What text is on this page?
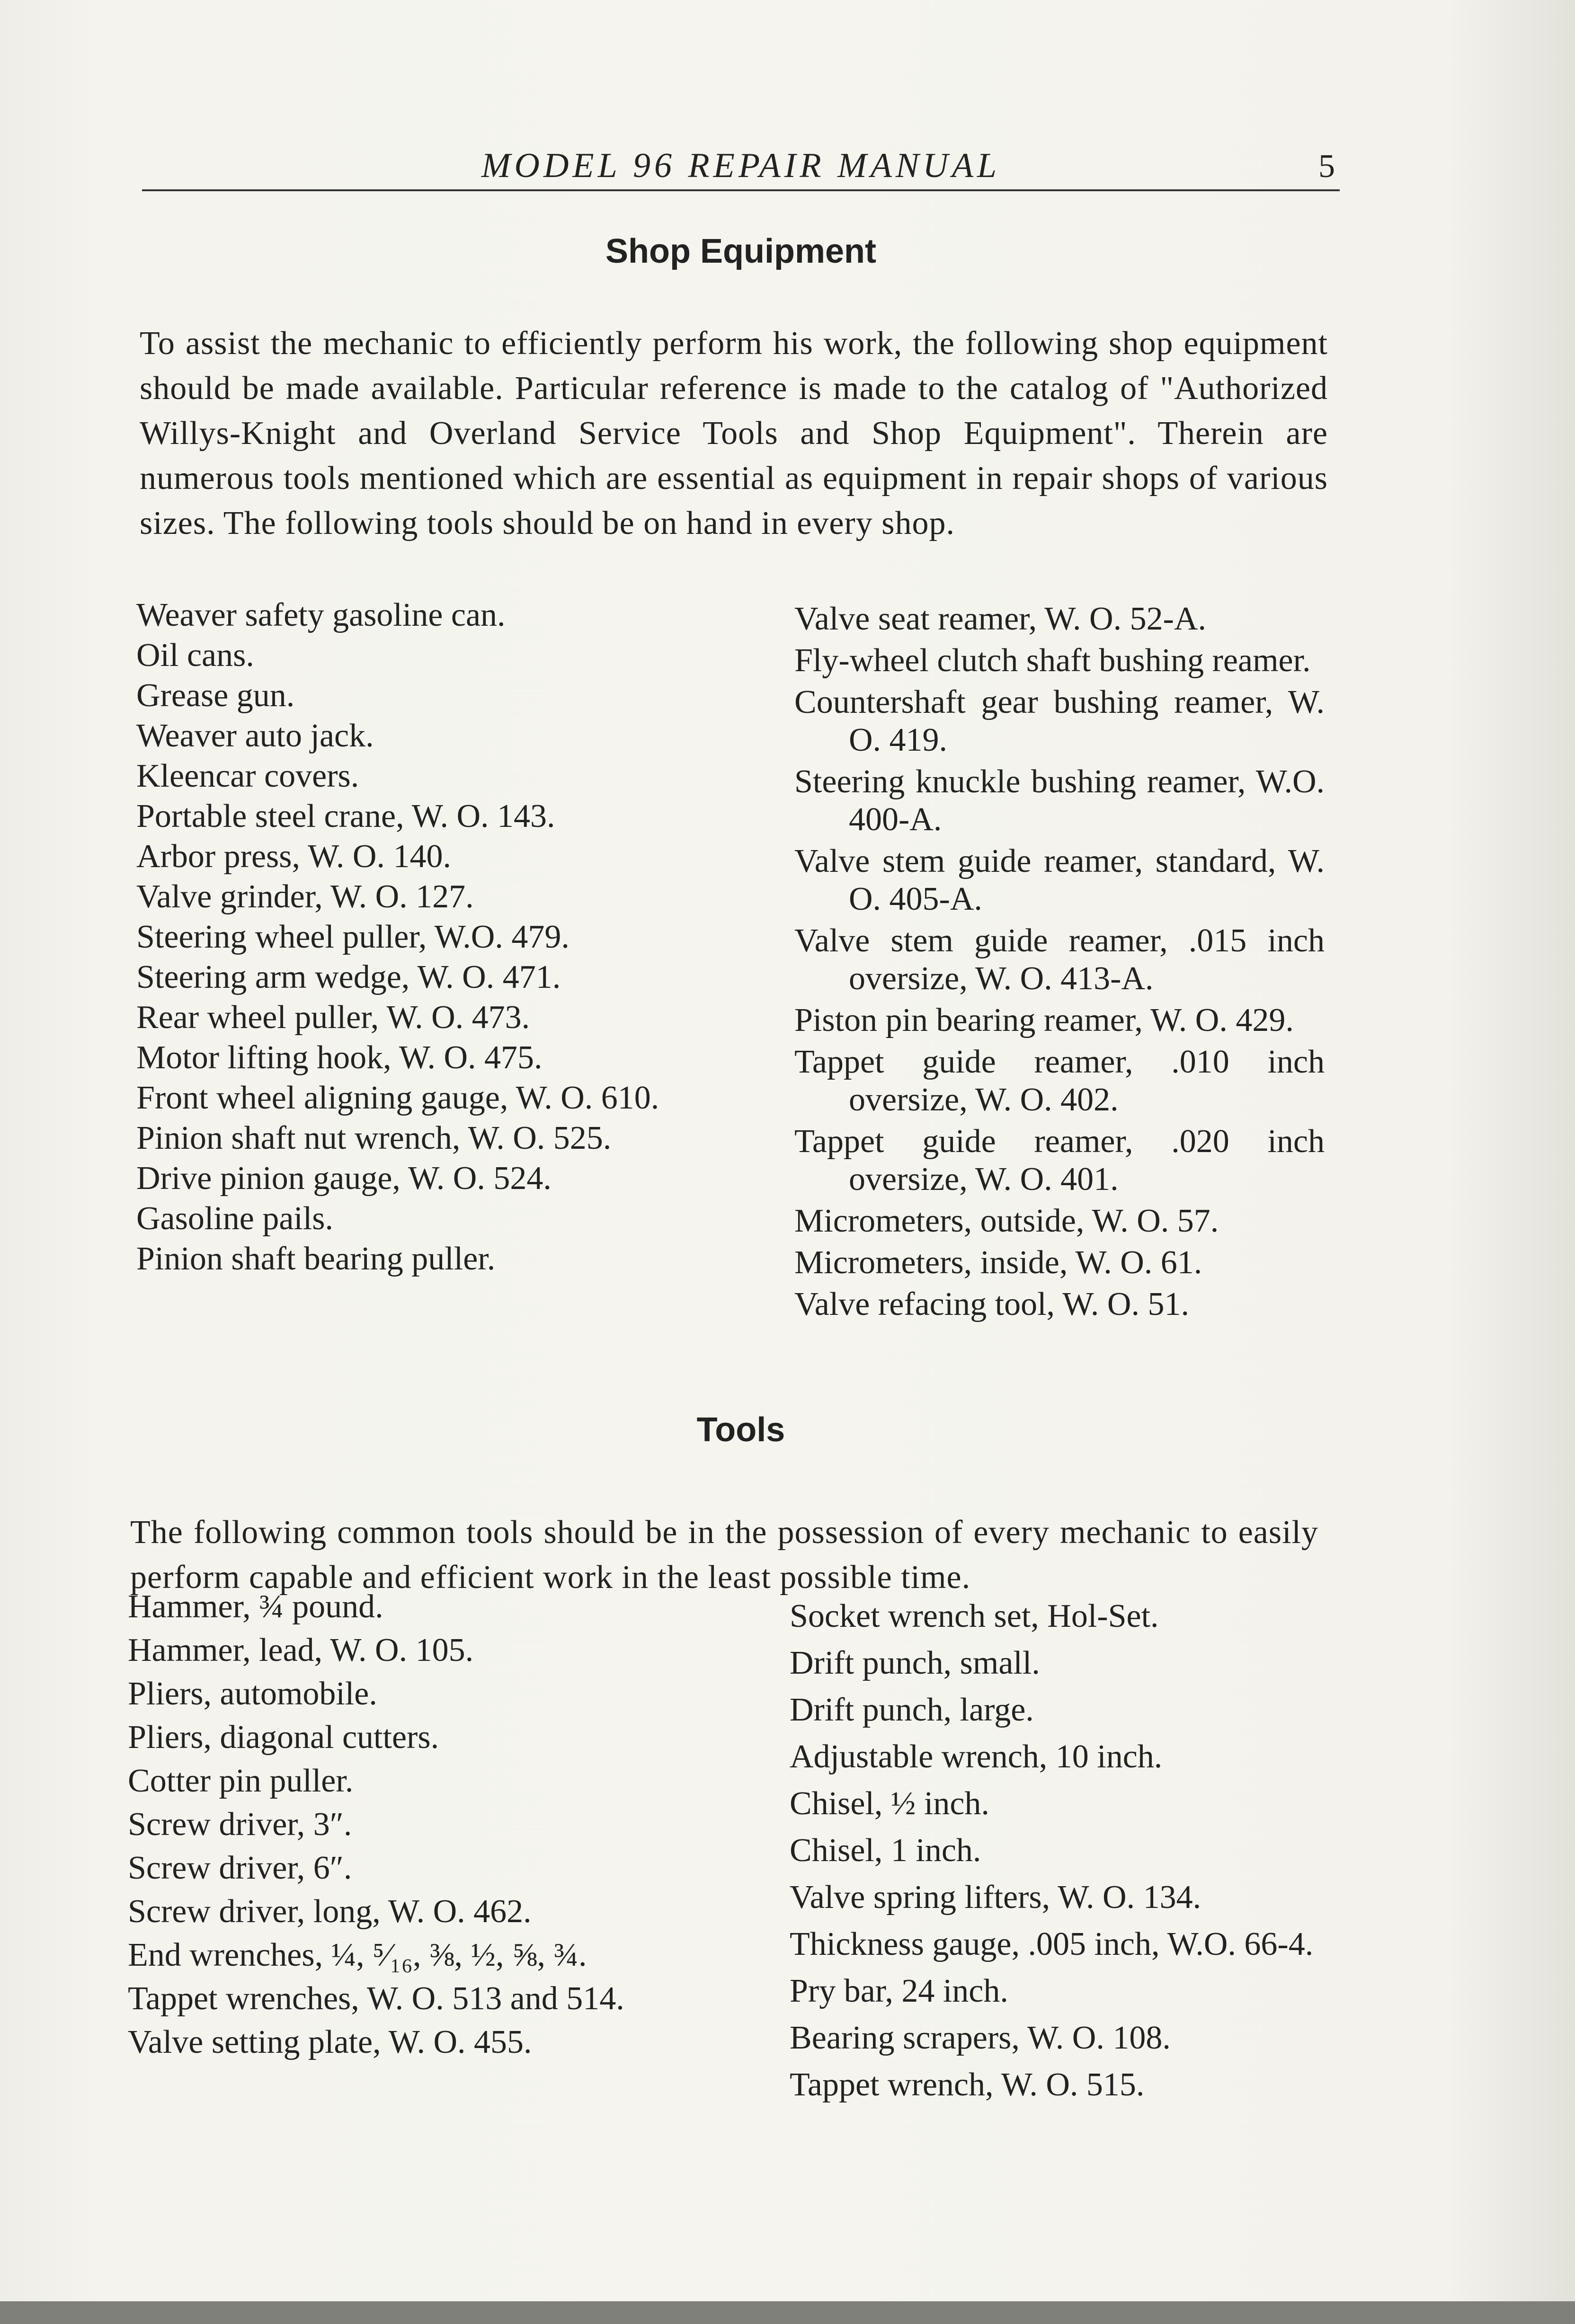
MODEL 96 REPAIR MANUAL	5
Shop Equipment

To assist the mechanic to efficiently perform his work, the following shop equipment should be made available. Particular reference is made to the catalog of "Authorized Willys-Knight and Overland Service Tools and Shop Equipment". Therein are numerous tools mentioned which are essential as equipment in repair shops of various sizes. The following tools should be on hand in every shop.

Weaver safety gasoline can.
Oil cans.
Grease gun.
Weaver auto jack.
Kleencar covers.
Portable steel crane, W. O. 143.
Arbor press, W. O. 140.
Valve grinder, W. O. 127.
Steering wheel puller, W.O. 479.
Steering arm wedge, W. O. 471.
Rear wheel puller, W. O. 473.
Motor lifting hook, W. O. 475.
Front wheel aligning gauge, W. O. 610.
Pinion shaft nut wrench, W. O. 525.
Drive pinion gauge, W. O. 524.
Gasoline pails.
Pinion shaft bearing puller.
Valve seat reamer, W. O. 52-A.
Fly-wheel clutch shaft bushing reamer.
Countershaft gear bushing reamer, W. O. 419.
Steering knuckle bushing reamer, W.O. 400-A.
Valve stem guide reamer, standard, W. O. 405-A.
Valve stem guide reamer, .015 inch oversize, W. O. 413-A.
Piston pin bearing reamer, W. O. 429.
Tappet guide reamer, .010 inch oversize, W. O. 402.
Tappet guide reamer, .020 inch oversize, W. O. 401.
Micrometers, outside, W. O. 57.
Micrometers, inside, W. O. 61.
Valve refacing tool, W. O. 51.
Tools

The following common tools should be in the possession of every mechanic to easily perform capable and efficient work in the least possible time.

Hammer, ¾ pound.
Hammer, lead, W. O. 105.
Pliers, automobile.
Pliers, diagonal cutters.
Cotter pin puller.
Screw driver, 3″.
Screw driver, 6″.
Screw driver, long, W. O. 462.
End wrenches, ¼, ⁵⁄₁₆, ⅜, ½, ⅝, ¾.
Tappet wrenches, W. O. 513 and 514.
Valve setting plate, W. O. 455.
Socket wrench set, Hol-Set.
Drift punch, small.
Drift punch, large.
Adjustable wrench, 10 inch.
Chisel, ½ inch.
Chisel, 1 inch.
Valve spring lifters, W. O. 134.
Thickness gauge, .005 inch, W.O. 66-4.
Pry bar, 24 inch.
Bearing scrapers, W. O. 108.
Tappet wrench, W. O. 515.
